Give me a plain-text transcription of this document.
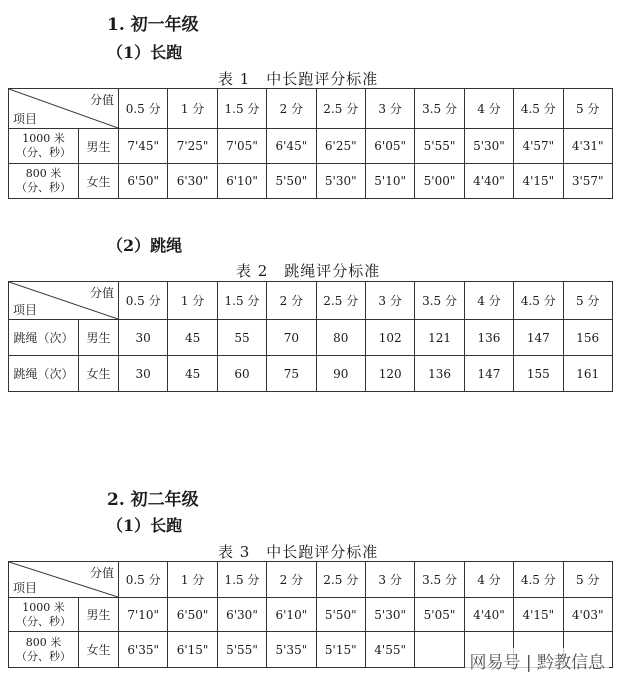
1. 初一年级
（1）长跑
表 1　中长跑评分标准
分值
项目		0.5 分	1 分	1.5 分	2 分	2.5 分	3 分	3.5 分	4 分	4.5 分	5 分

1000 米
（分、秒）	男生	7'45"	7'25"	7'05"	6'45"	6'25"	6'05"	5'55"	5'30"	4'57"	4'31"

800 米
（分、秒）	女生	6'50"	6'30"	6'10"	5'50"	5'30"	5'10"	5'00"	4'40"	4'15"	3'57"
（2）跳绳
表 2　跳绳评分标准
分值
项目		0.5 分	1 分	1.5 分	2 分	2.5 分	3 分	3.5 分	4 分	4.5 分	5 分
跳绳（次）	男生	30	45	55	70	80	102	121	136	147	156
跳绳（次）	女生	30	45	60	75	90	120	136	147	155	161
2. 初二年级
（1）长跑
表 3　中长跑评分标准
分值
项目		0.5 分	1 分	1.5 分	2 分	2.5 分	3 分	3.5 分	4 分	4.5 分	5 分

1000 米
（分、秒）	男生	7'10"	6'50"	6'30"	6'10"	5'50"	5'30"	5'05"	4'40"	4'15"	4'03"

800 米
（分、秒）	女生	6'35"	6'15"	5'55"	5'35"	5'15"	4'55"				
网易号 | 黔教信息
